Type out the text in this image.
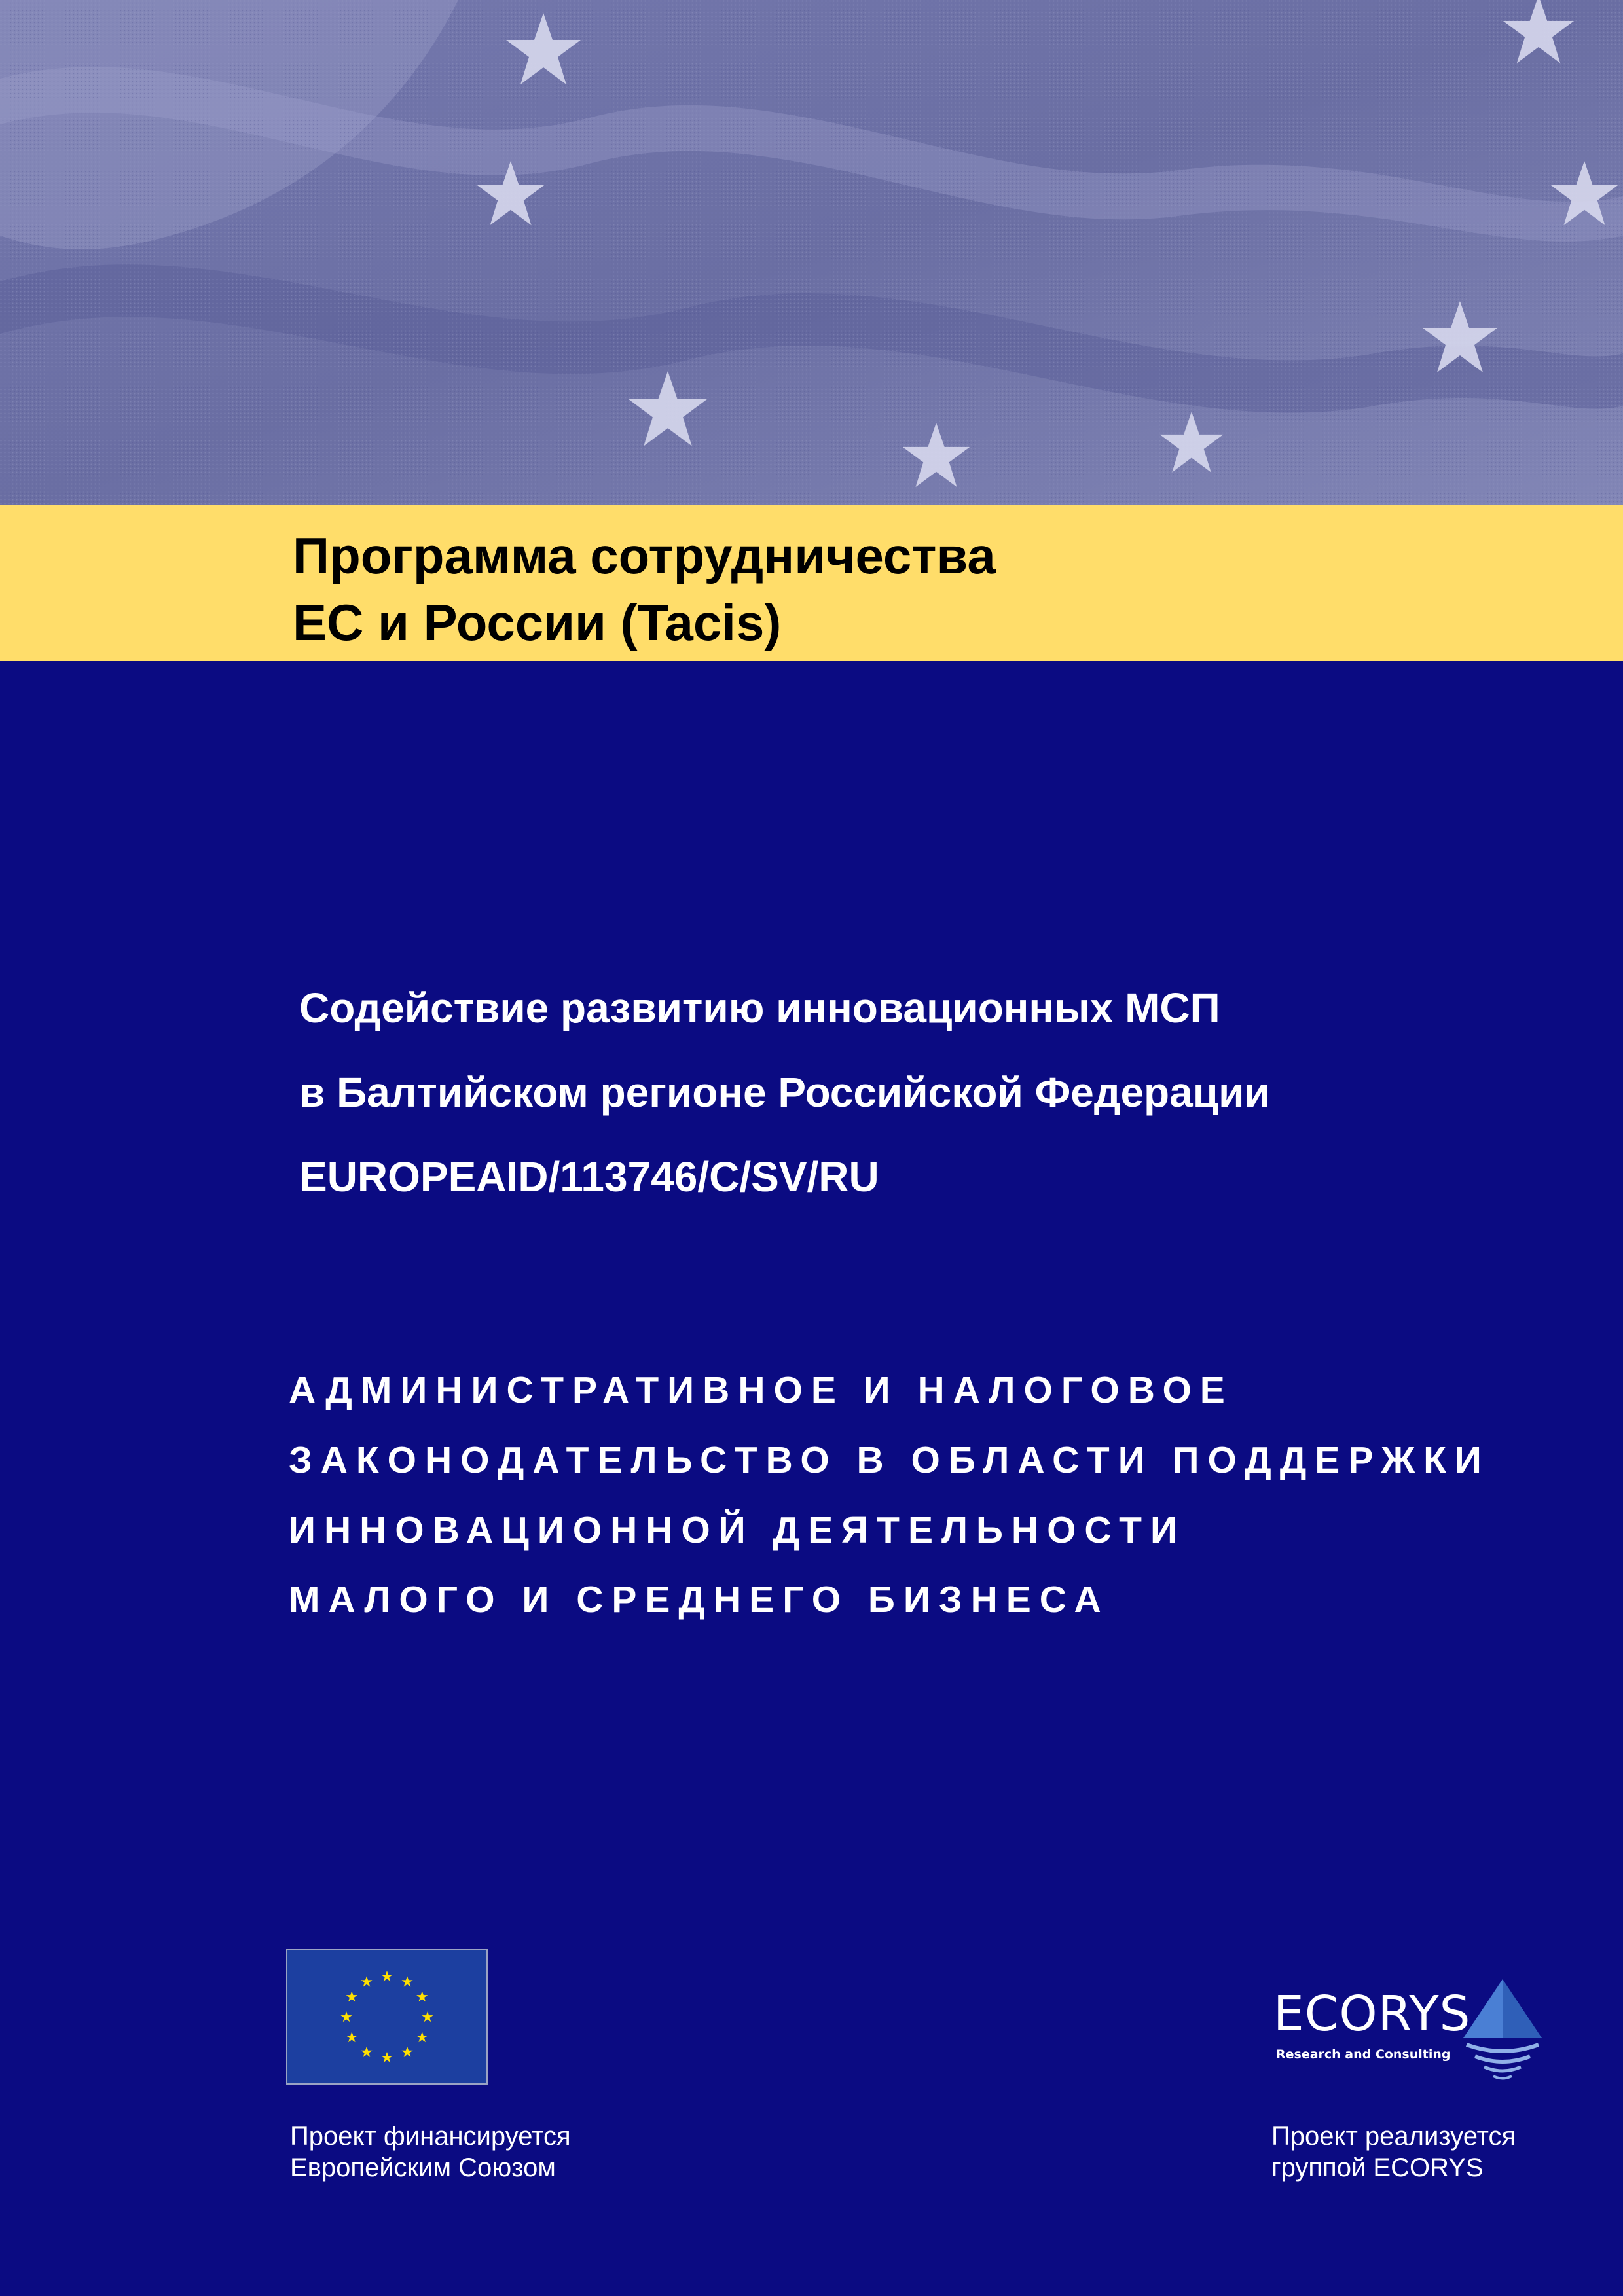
Программа сотрудничества

ЕС и России (Tacis)

Содействие развитию инновационных МСП

в Балтийском регионе Российской Федерации

EUROPEAID/113746/C/SV/RU

АДМИНИСТРАТИВНОЕ И НАЛОГОВОЕ

ЗАКОНОДАТЕЛЬСТВО В ОБЛАСТИ ПОДДЕРЖКИ

ИННОВАЦИОННОЙ ДЕЯТЕЛЬНОСТИ

МАЛОГО И СРЕДНЕГО БИЗНЕСА

Проект финансируется
Европейским Союзом

ECORYS

Research and Consulting

Проект реализуется
группой ECORYS
